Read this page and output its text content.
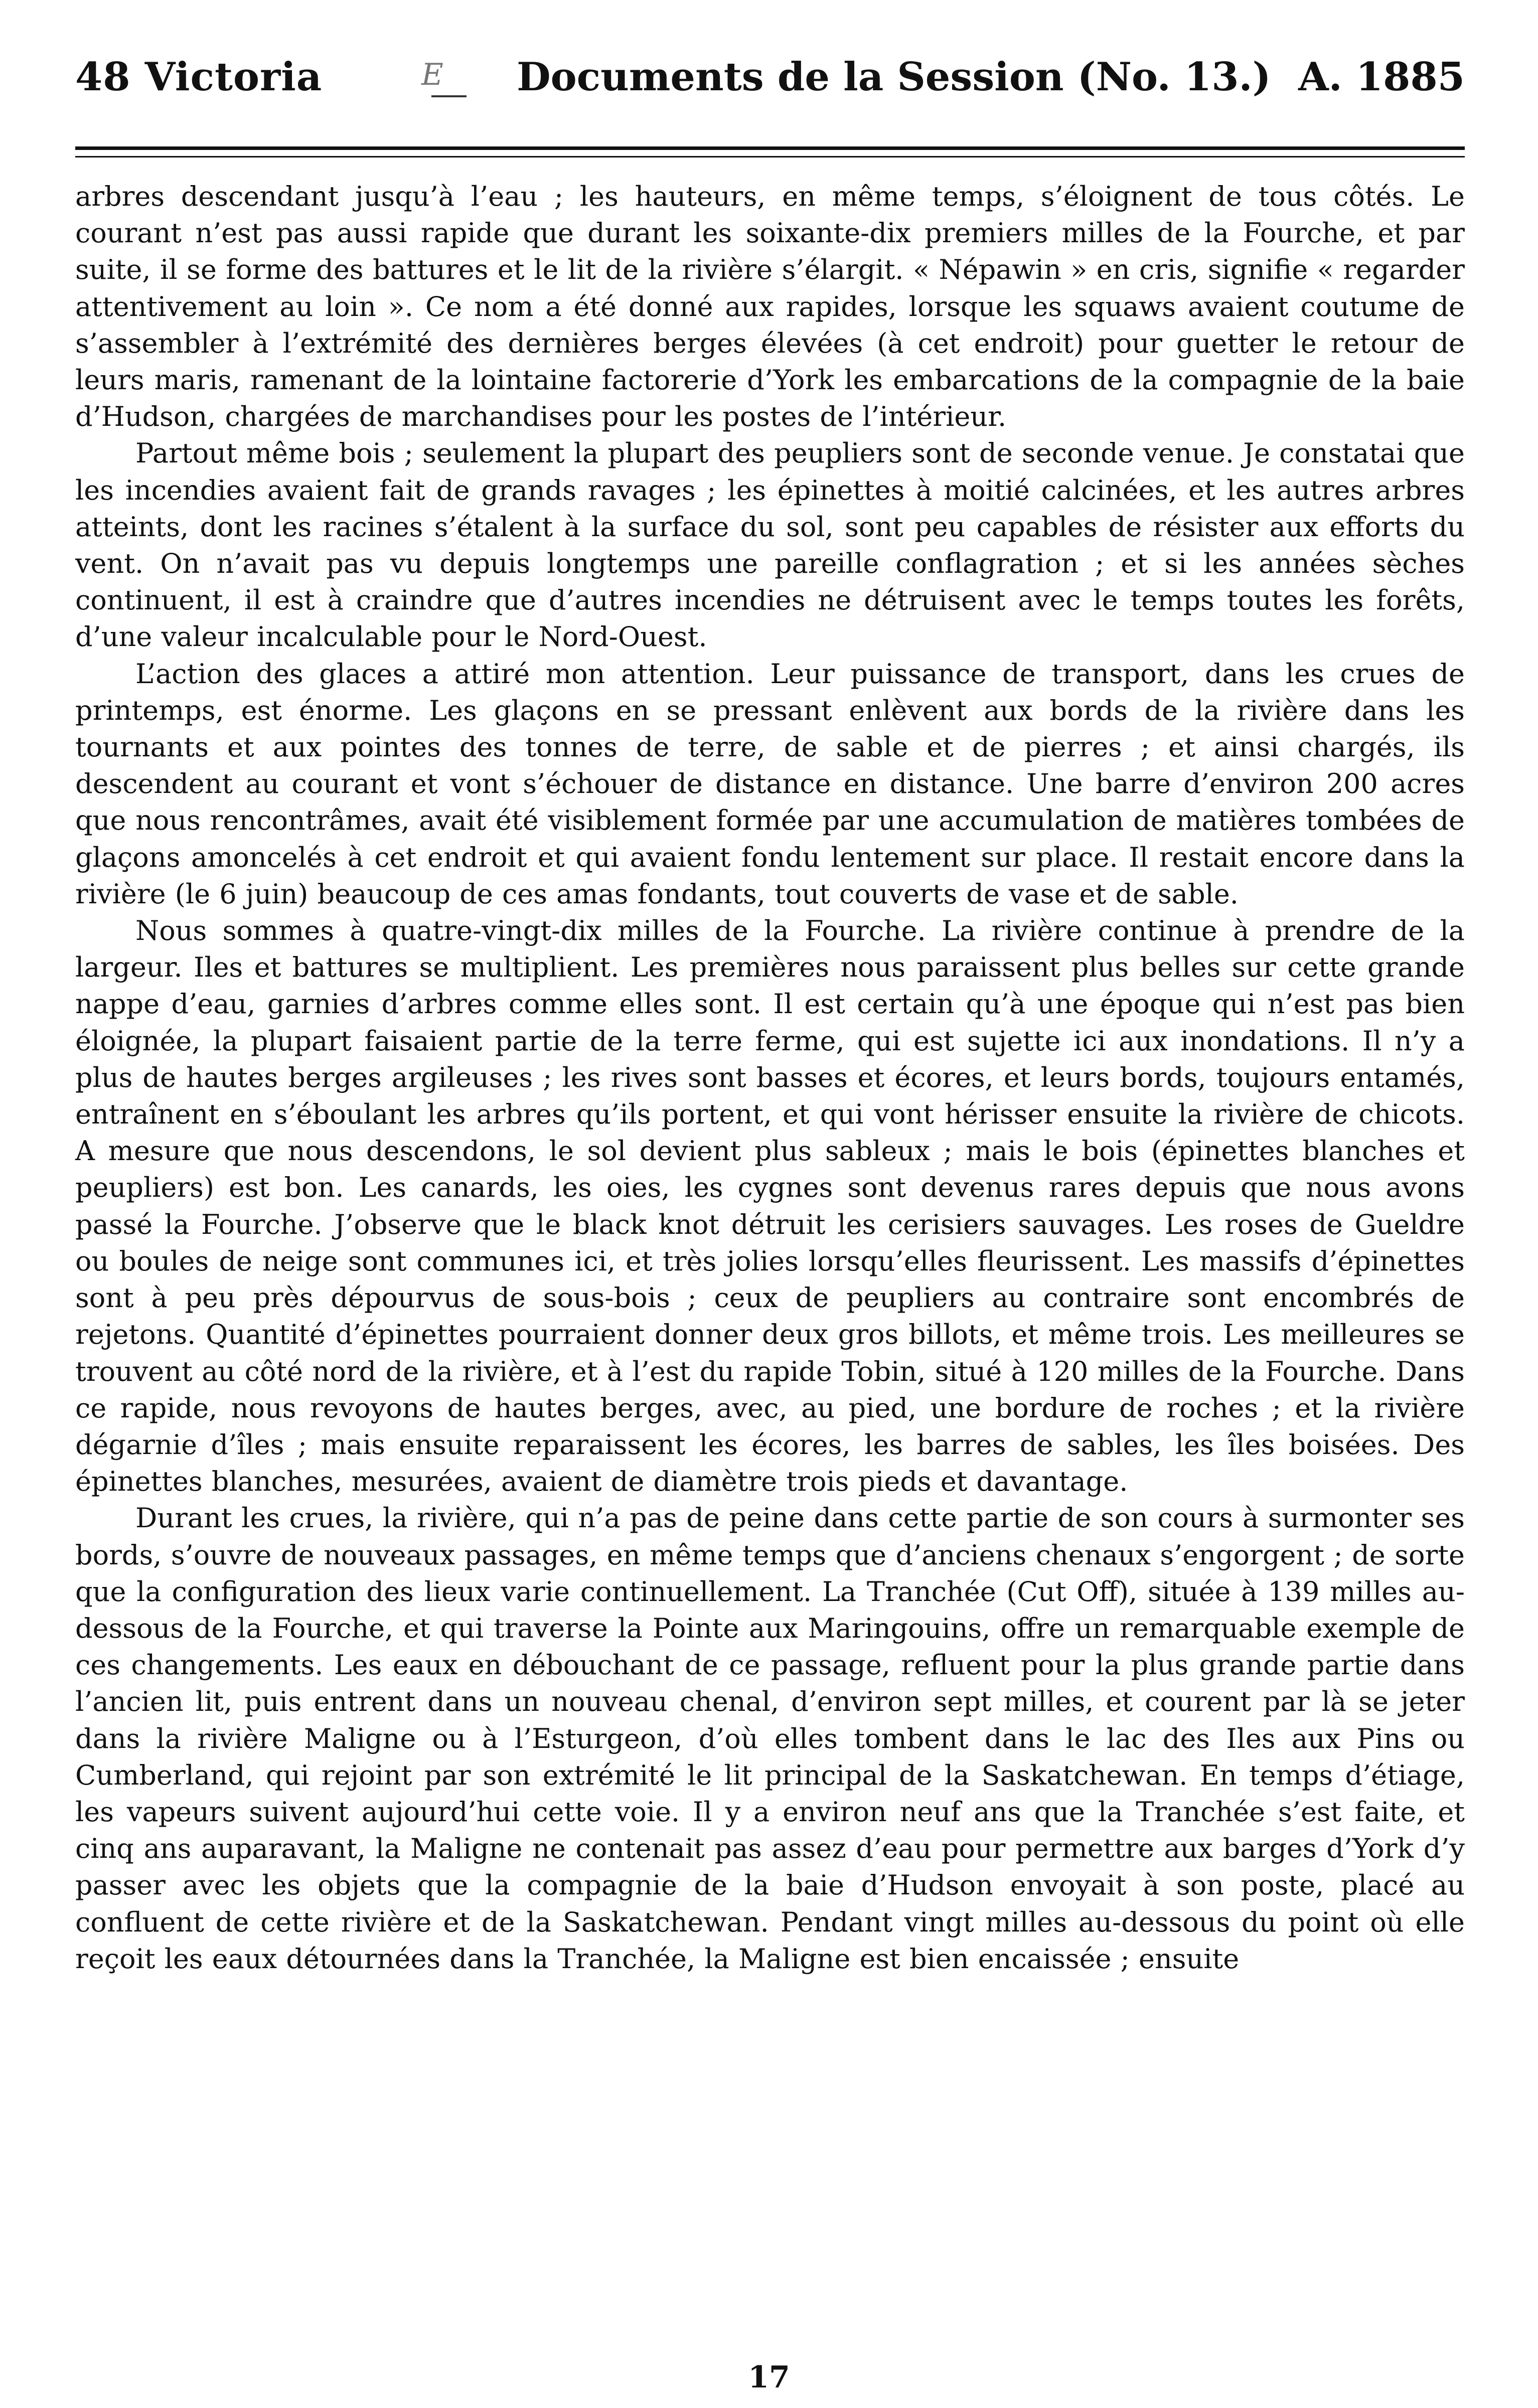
48 Victoria	E	Documents de la Session (No. 13.) A. 1885

arbres descendant jusqu’à l’eau ; les hauteurs, en même temps, s’éloignent de tous côtés. Le courant n’est pas aussi rapide que durant les soixante-dix premiers milles de la Fourche, et par suite, il se forme des battures et le lit de la rivière s’élargit. « Népawin » en cris, signifie « regarder attentivement au loin ». Ce nom a été donné aux rapides, lorsque les squaws avaient coutume de s’assembler à l’extrémité des dernières berges élevées (à cet endroit) pour guetter le retour de leurs maris, ramenant de la lointaine factorerie d’York les embarcations de la compagnie de la baie d’Hudson, chargées de marchandises pour les postes de l’intérieur.

Partout même bois ; seulement la plupart des peupliers sont de seconde venue. Je constatai que les incendies avaient fait de grands ravages ; les épinettes à moitié calcinées, et les autres arbres atteints, dont les racines s’étalent à la surface du sol, sont peu capables de résister aux efforts du vent. On n’avait pas vu depuis longtemps une pareille conflagration ; et si les années sèches continuent, il est à craindre que d’autres incendies ne détruisent avec le temps toutes les forêts, d’une valeur incalculable pour le Nord-Ouest.

L’action des glaces a attiré mon attention. Leur puissance de transport, dans les crues de printemps, est énorme. Les glaçons en se pressant enlèvent aux bords de la rivière dans les tournants et aux pointes des tonnes de terre, de sable et de pierres ; et ainsi chargés, ils descendent au courant et vont s’échouer de distance en distance. Une barre d’environ 200 acres que nous rencontrâmes, avait été visiblement formée par une accumulation de matières tombées de glaçons amoncelés à cet endroit et qui avaient fondu lentement sur place. Il restait encore dans la rivière (le 6 juin) beaucoup de ces amas fondants, tout couverts de vase et de sable.

Nous sommes à quatre-vingt-dix milles de la Fourche. La rivière continue à prendre de la largeur. Iles et battures se multiplient. Les premières nous paraissent plus belles sur cette grande nappe d’eau, garnies d’arbres comme elles sont. Il est certain qu’à une époque qui n’est pas bien éloignée, la plupart faisaient partie de la terre ferme, qui est sujette ici aux inondations. Il n’y a plus de hautes berges argileuses ; les rives sont basses et écores, et leurs bords, toujours entamés, entraînent en s’éboulant les arbres qu’ils portent, et qui vont hérisser ensuite la rivière de chicots. A mesure que nous descendons, le sol devient plus sableux ; mais le bois (épinettes blanches et peupliers) est bon. Les canards, les oies, les cygnes sont devenus rares depuis que nous avons passé la Fourche. J’observe que le black knot détruit les cerisiers sauvages. Les roses de Gueldre ou boules de neige sont communes ici, et très jolies lorsqu’elles fleurissent. Les massifs d’épinettes sont à peu près dépourvus de sous-bois ; ceux de peupliers au contraire sont encombrés de rejetons. Quantité d’épinettes pourraient donner deux gros billots, et même trois. Les meilleures se trouvent au côté nord de la rivière, et à l’est du rapide Tobin, situé à 120 milles de la Fourche. Dans ce rapide, nous revoyons de hautes berges, avec, au pied, une bordure de roches ; et la rivière dégarnie d’îles ; mais ensuite reparaissent les écores, les barres de sables, les îles boisées. Des épinettes blanches, mesurées, avaient de diamètre trois pieds et davantage.

Durant les crues, la rivière, qui n’a pas de peine dans cette partie de son cours à surmonter ses bords, s’ouvre de nouveaux passages, en même temps que d’anciens chenaux s’engorgent ; de sorte que la configuration des lieux varie continuellement. La Tranchée (Cut Off), située à 139 milles au-dessous de la Fourche, et qui traverse la Pointe aux Maringouins, offre un remarquable exemple de ces changements. Les eaux en débouchant de ce passage, refluent pour la plus grande partie dans l’ancien lit, puis entrent dans un nouveau chenal, d’environ sept milles, et courent par là se jeter dans la rivière Maligne ou à l’Esturgeon, d’où elles tombent dans le lac des Iles aux Pins ou Cumberland, qui rejoint par son extrémité le lit principal de la Saskatchewan. En temps d’étiage, les vapeurs suivent aujourd’hui cette voie. Il y a environ neuf ans que la Tranchée s’est faite, et cinq ans auparavant, la Maligne ne contenait pas assez d’eau pour permettre aux barges d’York d’y passer avec les objets que la compagnie de la baie d’Hudson envoyait à son poste, placé au confluent de cette rivière et de la Saskatchewan. Pendant vingt milles au-dessous du point où elle reçoit les eaux détournées dans la Tranchée, la Maligne est bien encaissée ; ensuite

17
